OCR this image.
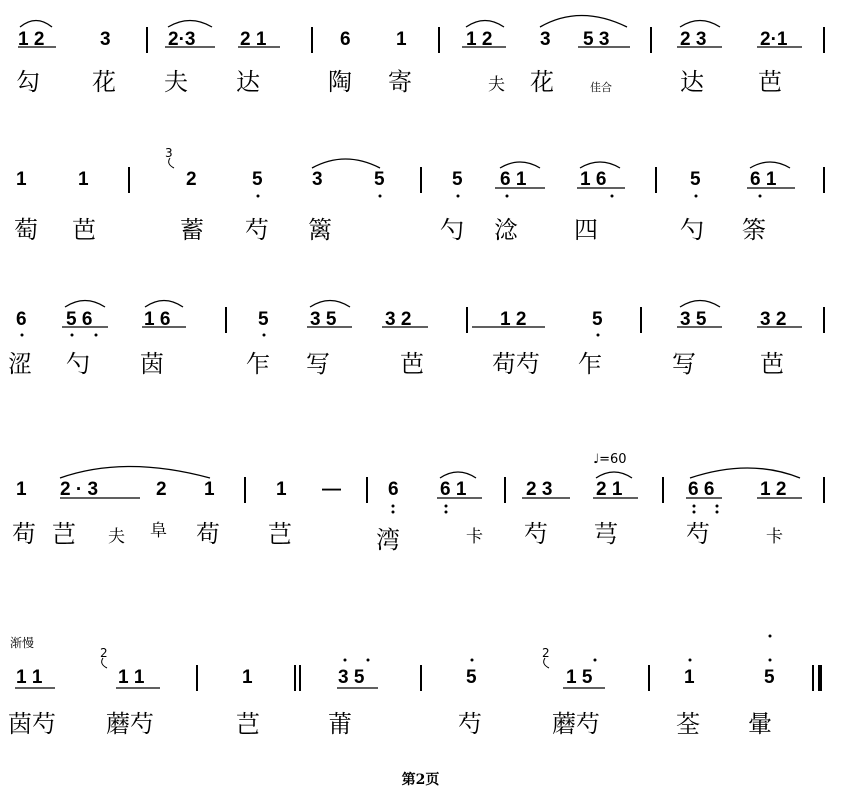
1 2	3	2·3 2 1	6 1	1 2	3 5 3	2 3	2·1
勾 花 夫 达	陶 寄	夫 花	佳合	达 芭
3
1	1	2	5	3	5	5 6 1	1 6	5	6 1
萄 芭	蓄 芍 篱	勺 淰 四	勺 筡
6 5 6	1 6	5 3 5	3 2	1 2	5	3 5	3 2
涩 勺 茵	乍 写	芭	苟芍 乍	写	芭
♩=60
1 2 · 3	2 1	1 — 6 6 1	2 3 2 1	6 6 1 2
苟 芑 夫 阜 苟 芑	湾	卡 芍 芎	芍	卡
渐慢
2	2
1 1	1 1	1	3 5	5	1 5	1	5
茵芍 蘑芍	芑	莆	芍	蘑芍	荃 暈
第2页
